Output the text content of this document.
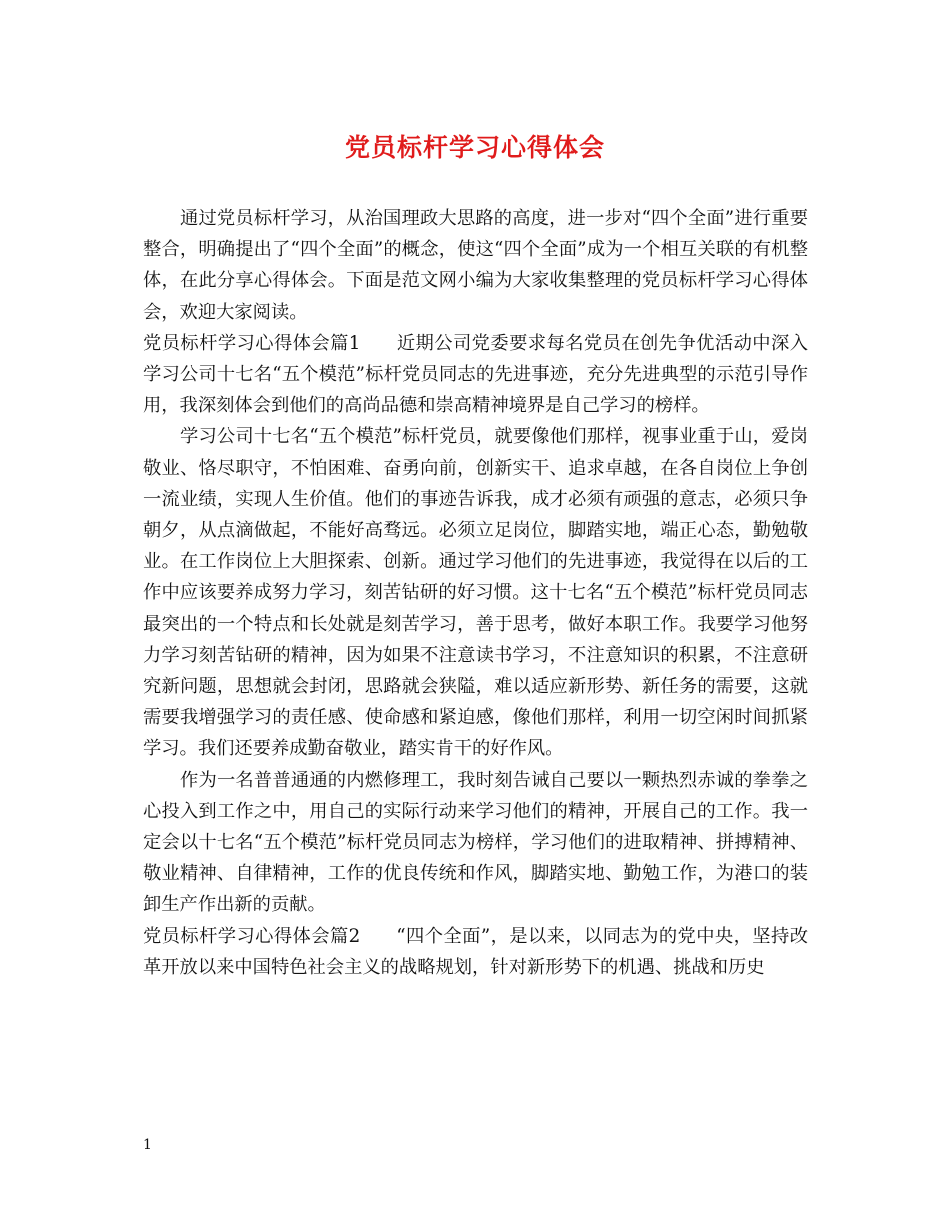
党员标杆学习心得体会

通过党员标杆学习，从治国理政大思路的高度，进一步对“四个全面”进行重要整合，明确提出了“四个全面”的概念，使这“四个全面”成为一个相互关联的有机整体，在此分享心得体会。下面是范文网小编为大家收集整理的党员标杆学习心得体会，欢迎大家阅读。

党员标杆学习心得体会篇1 近期公司党委要求每名党员在创先争优活动中深入学习公司十七名“五个模范”标杆党员同志的先进事迹，充分先进典型的示范引导作用，我深刻体会到他们的高尚品德和崇高精神境界是自己学习的榜样。

学习公司十七名“五个模范”标杆党员，就要像他们那样，视事业重于山，爱岗敬业、恪尽职守，不怕困难、奋勇向前，创新实干、追求卓越，在各自岗位上争创一流业绩，实现人生价值。他们的事迹告诉我，成才必须有顽强的意志，必须只争朝夕，从点滴做起，不能好高骛远。必须立足岗位，脚踏实地，端正心态，勤勉敬业。在工作岗位上大胆探索、创新。通过学习他们的先进事迹，我觉得在以后的工作中应该要养成努力学习，刻苦钻研的好习惯。这十七名“五个模范”标杆党员同志最突出的一个特点和长处就是刻苦学习，善于思考，做好本职工作。我要学习他努力学习刻苦钻研的精神，因为如果不注意读书学习，不注意知识的积累，不注意研究新问题，思想就会封闭，思路就会狭隘，难以适应新形势、新任务的需要，这就需要我增强学习的责任感、使命感和紧迫感，像他们那样，利用一切空闲时间抓紧学习。我们还要养成勤奋敬业，踏实肯干的好作风。

作为一名普普通通的内燃修理工，我时刻告诫自己要以一颗热烈赤诚的拳拳之心投入到工作之中，用自己的实际行动来学习他们的精神，开展自己的工作。我一定会以十七名“五个模范”标杆党员同志为榜样，学习他们的进取精神、拼搏精神、敬业精神、自律精神，工作的优良传统和作风，脚踏实地、勤勉工作，为港口的装卸生产作出新的贡献。

党员标杆学习心得体会篇2 “四个全面”，是以来，以同志为的党中央，坚持改革开放以来中国特色社会主义的战略规划，针对新形势下的机遇、挑战和历史

1
